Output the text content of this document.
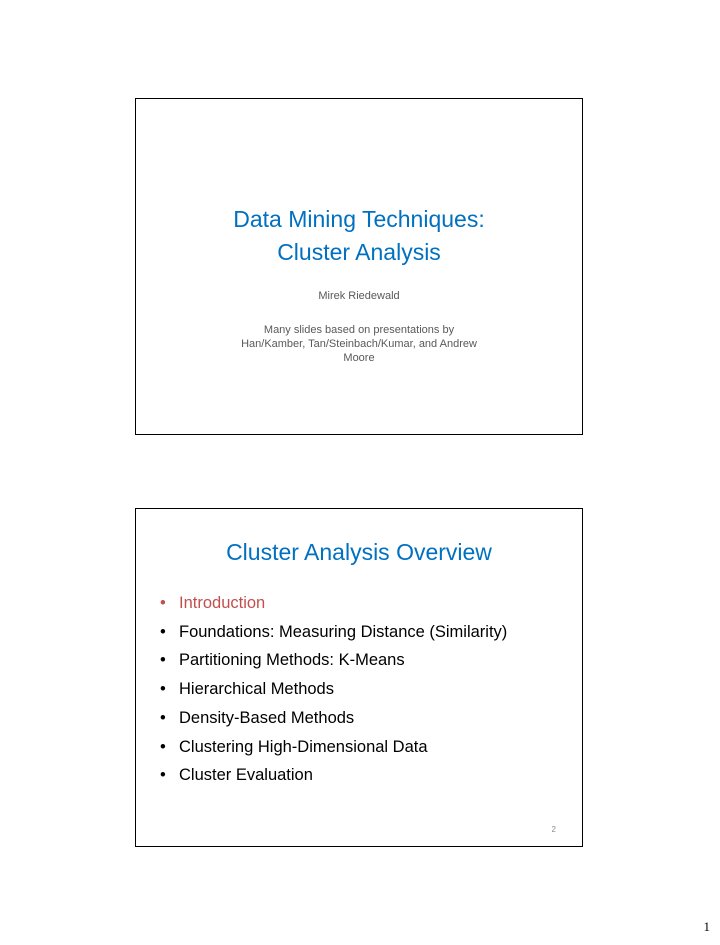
Data Mining Techniques:
Cluster Analysis
Mirek Riedewald
Many slides based on presentations by
Han/Kamber, Tan/Steinbach/Kumar, and Andrew
Moore
Cluster Analysis Overview
• Introduction
• Foundations: Measuring Distance (Similarity)
• Partitioning Methods: K-Means
• Hierarchical Methods
• Density-Based Methods
• Clustering High-Dimensional Data
• Cluster Evaluation
2
1
